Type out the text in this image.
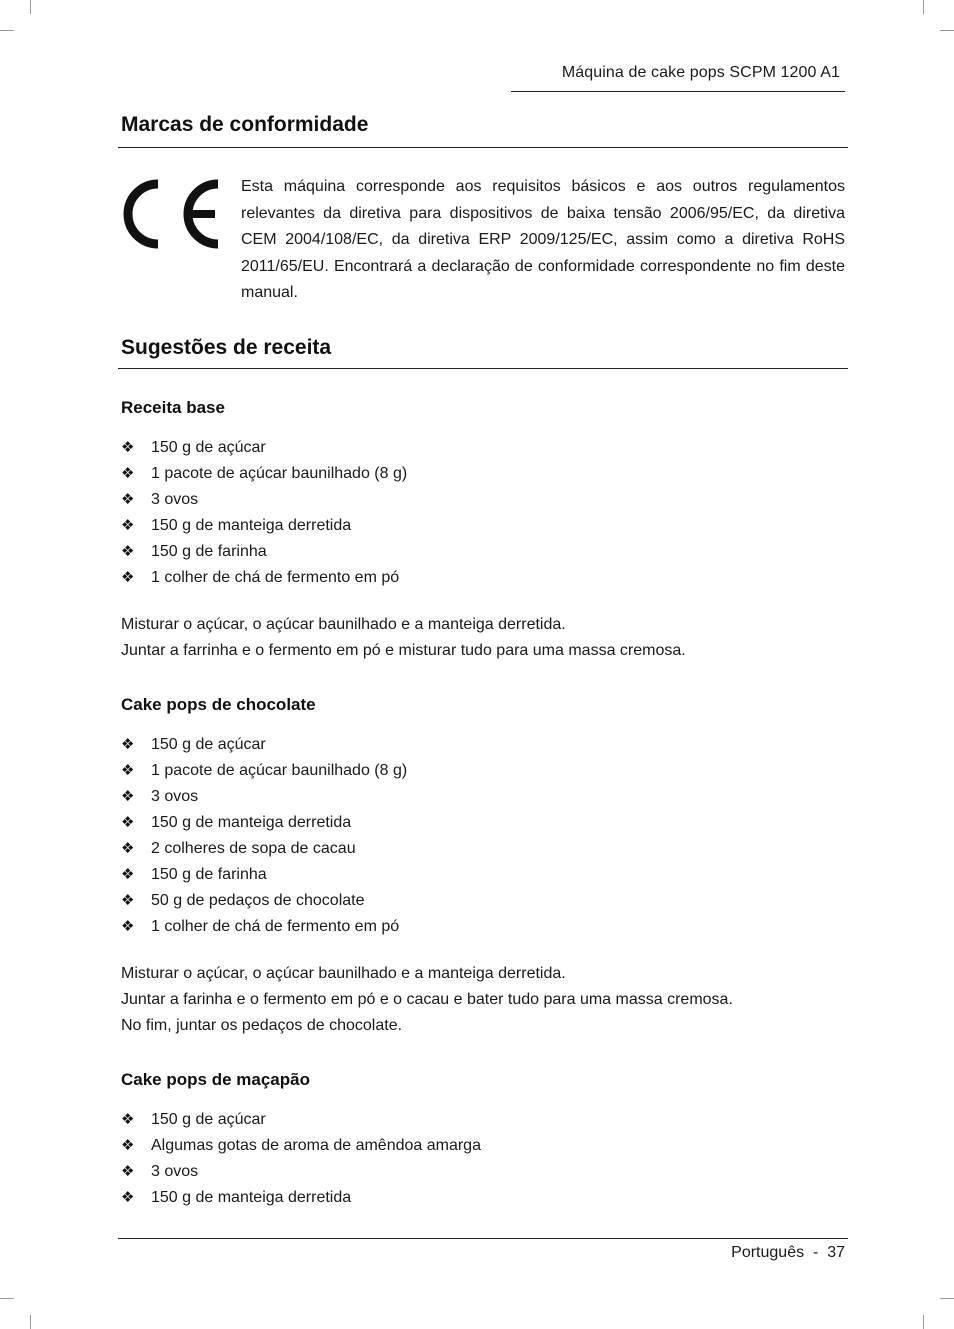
Máquina de cake pops SCPM 1200 A1
Marcas de conformidade

Esta máquina corresponde aos requisitos básicos e aos outros regulamentos relevantes da diretiva para dispositivos de baixa tensão 2006/95/EC, da diretiva CEM 2004/108/EC, da diretiva ERP 2009/125/EC, assim como a diretiva RoHS 2011/65/EU. Encontrará a declaração de conformidade correspondente no fim deste manual.

Sugestões de receita
Receita base
❖	150 g de açúcar
❖	1 pacote de açúcar baunilhado (8 g)
❖	3 ovos
❖	150 g de manteiga derretida
❖	150 g de farinha
❖	1 colher de chá de fermento em pó
Misturar o açúcar, o açúcar baunilhado e a manteiga derretida.
Juntar a farrinha e o fermento em pó e misturar tudo para uma massa cremosa.
Cake pops de chocolate
❖	150 g de açúcar
❖	1 pacote de açúcar baunilhado (8 g)
❖	3 ovos
❖	150 g de manteiga derretida
❖	2 colheres de sopa de cacau
❖	150 g de farinha
❖	50 g de pedaços de chocolate
❖	1 colher de chá de fermento em pó
Misturar o açúcar, o açúcar baunilhado e a manteiga derretida.
Juntar a farinha e o fermento em pó e o cacau e bater tudo para uma massa cremosa.
No fim, juntar os pedaços de chocolate.
Cake pops de maçapão
❖	150 g de açúcar
❖	Algumas gotas de aroma de amêndoa amarga
❖	3 ovos
❖	150 g de manteiga derretida
Português - 37
